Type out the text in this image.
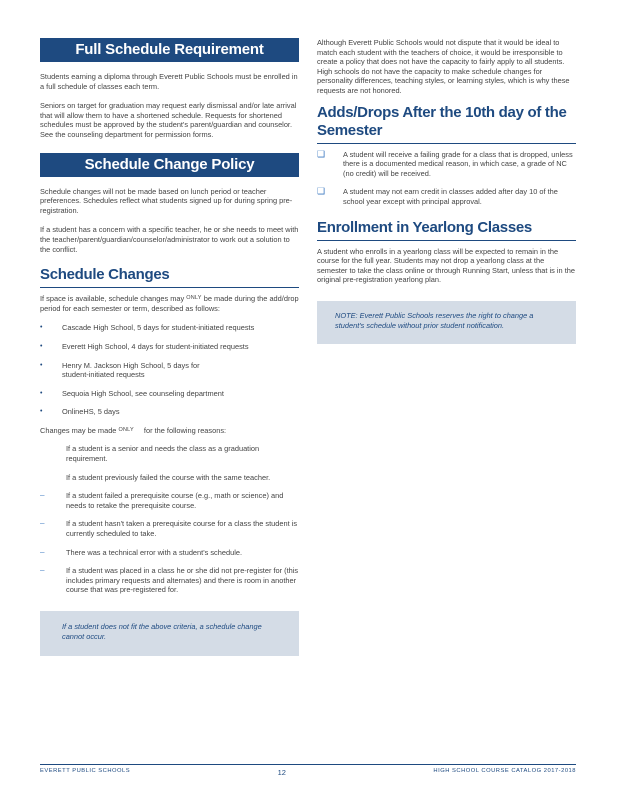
Full Schedule Requirement

Students earning a diploma through Everett Public Schools must be enrolled in a full schedule of classes each term.

Seniors on target for graduation may request early dismissal and/or late arrival that will allow them to have a shortened schedule. Requests for shortened schedules must be approved by the student's parent/guardian and counselor. See the counseling department for permission forms.

Schedule Change Policy

Schedule changes will not be made based on lunch period or teacher preferences. Schedules reflect what students signed up for during spring pre-registration.

If a student has a concern with a specific teacher, he or she needs to meet with the teacher/parent/guardian/counselor/administrator to work out a solution to the conflict.

Schedule Changes

If space is available, schedule changes may $^{ONLY}$ be made during the add/drop period for each semester or term, described as follows:

•	Cascade High School, 5 days for student-initiated requests
•	Everett High School, 4 days for student-initiated requests
•	Henry M. Jackson High School, 5 days for student-initiated requests
•	Sequoia High School, see counseling department
•	OnlineHS, 5 days

Changes may be made $^{ONLY}$ for the following reasons:

If a student is a senior and needs the class as a graduation requirement.
If a student previously failed the course with the same teacher.
⎯	If a student failed a prerequisite course (e.g., math or science) and needs to retake the prerequisite course.
⎯	If a student hasn't taken a prerequisite course for a class the student is currently scheduled to take.
⎯	There was a technical error with a student's schedule.
⎯	If a student was placed in a class he or she did not pre-register for (this includes primary requests and alternates) and there is room in another course that was pre-registered for.
If a student does not fit the above criteria, a schedule change cannot occur.

Although Everett Public Schools would not dispute that it would be ideal to match each student with the teachers of choice, it would be irresponsible to create a policy that does not have the capacity to fairly apply to all students. High schools do not have the capacity to make schedule changes for personality differences, teaching styles, or learning styles, which is why these requests are not honored.

Adds/Drops After the 10th day of the Semester
❑	A student will receive a failing grade for a class that is dropped, unless there is a documented medical reason, in which case, a grade of NC (no credit) will be received.
❑	A student may not earn credit in classes added after day 10 of the school year except with principal approval.
Enrollment in Yearlong Classes

A student who enrolls in a yearlong class will be expected to remain in the course for the full year. Students may not drop a yearlong class at the semester to take the class online or through Running Start, unless that is in the original pre-registration yearlong plan.

NOTE: Everett Public Schools reserves the right to change a student's schedule without prior student notification.
EVERETT PUBLIC SCHOOLS	12	HIGH SCHOOL COURSE CATALOG 2017-2018
